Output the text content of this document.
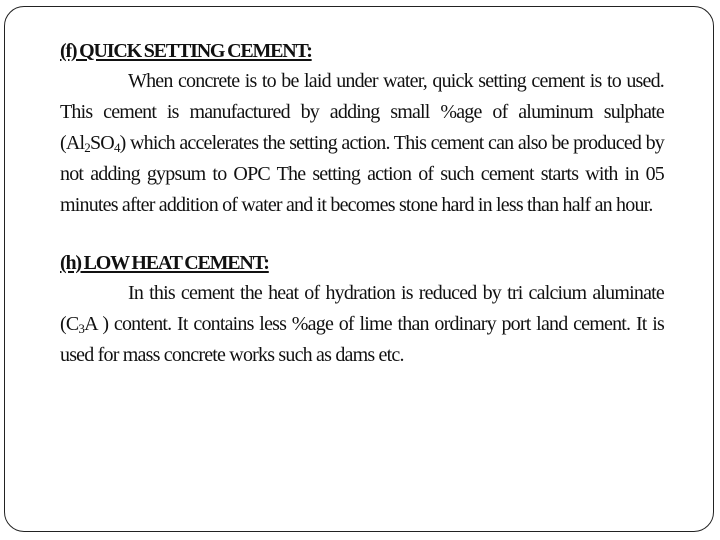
(f) QUICK SETTING CEMENT:

When concrete is to be laid under water, quick setting cement is to used. This cement is manufactured by adding small %age of aluminum sulphate $(Al_2SO_4)$ which accelerates the setting action. This cement can also be produced by not adding gypsum to OPC The setting action of such cement starts with in 05 minutes after addition of water and it becomes stone hard in less than half an hour.

(h) LOW HEAT CEMENT:

In this cement the heat of hydration is reduced by tri calcium aluminate ($C_3A$ ) content. It contains less %age of lime than ordinary port land cement. It is used for mass concrete works such as dams etc.
